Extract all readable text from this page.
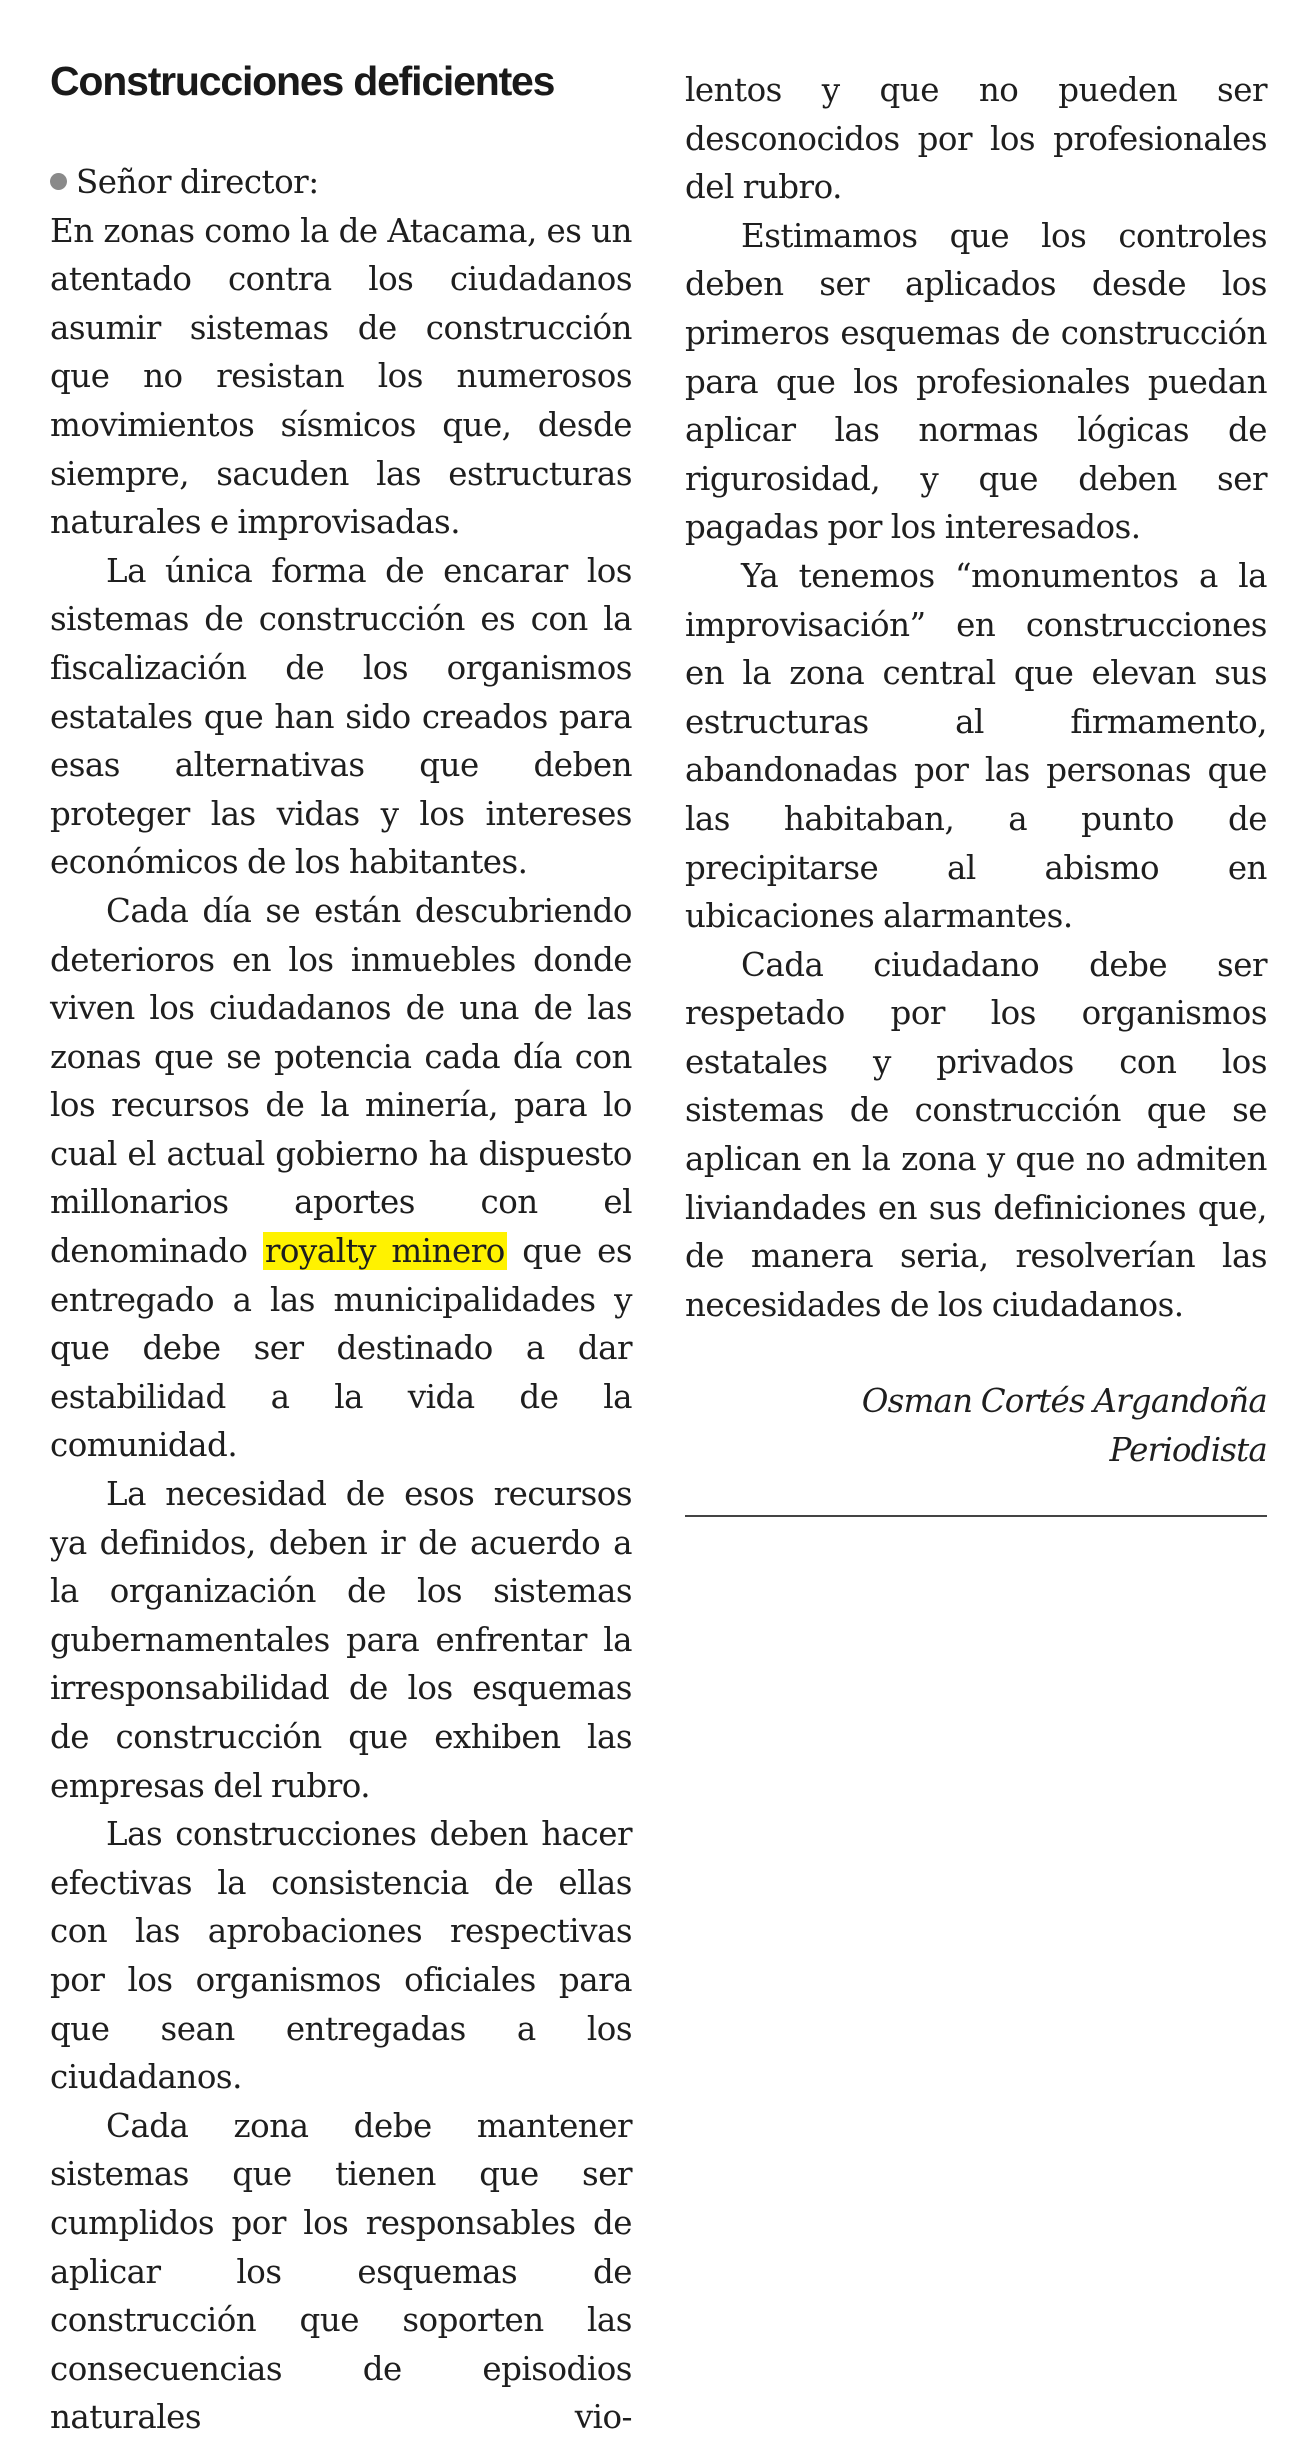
Construcciones deficientes

Señor director:

En zonas como la de Atacama, es un atentado contra los ciudadanos asumir sistemas de construcción que no resistan los numerosos movimientos sísmicos que, desde siempre, sacuden las estructuras naturales e improvisadas.

La única forma de encarar los sistemas de construcción es con la fiscalización de los organismos estatales que han sido creados para esas alternativas que deben proteger las vidas y los intereses económicos de los habitantes.

Cada día se están descubriendo deterioros en los inmuebles donde viven los ciudadanos de una de las zonas que se potencia cada día con los recursos de la minería, para lo cual el actual gobierno ha dispuesto millonarios aportes con el denominado royalty minero que es entregado a las municipalidades y que debe ser destinado a dar estabilidad a la vida de la comunidad.

La necesidad de esos recursos ya definidos, deben ir de acuerdo a la organización de los sistemas gubernamentales para enfrentar la irresponsabilidad de los esquemas de construcción que exhiben las empresas del rubro.

Las construcciones deben hacer efectivas la consistencia de ellas con las aprobaciones respectivas por los organismos oficiales para que sean entregadas a los ciudadanos.

Cada zona debe mantener sistemas que tienen que ser cumplidos por los responsables de aplicar los esquemas de construcción que soporten las consecuencias de episodios naturales vio-

lentos y que no pueden ser desconocidos por los profesionales del rubro.

Estimamos que los controles deben ser aplicados desde los primeros esquemas de construcción para que los profesionales puedan aplicar las normas lógicas de rigurosidad, y que deben ser pagadas por los interesados.

Ya tenemos “monumentos a la improvisación” en construcciones en la zona central que elevan sus estructuras al firmamento, abandonadas por las personas que las habitaban, a punto de precipitarse al abismo en ubicaciones alarmantes.

Cada ciudadano debe ser respetado por los organismos estatales y privados con los sistemas de construcción que se aplican en la zona y que no admiten liviandades en sus definiciones que, de manera seria, resolverían las necesidades de los ciudadanos.

Osman Cortés Argandoña
Periodista
